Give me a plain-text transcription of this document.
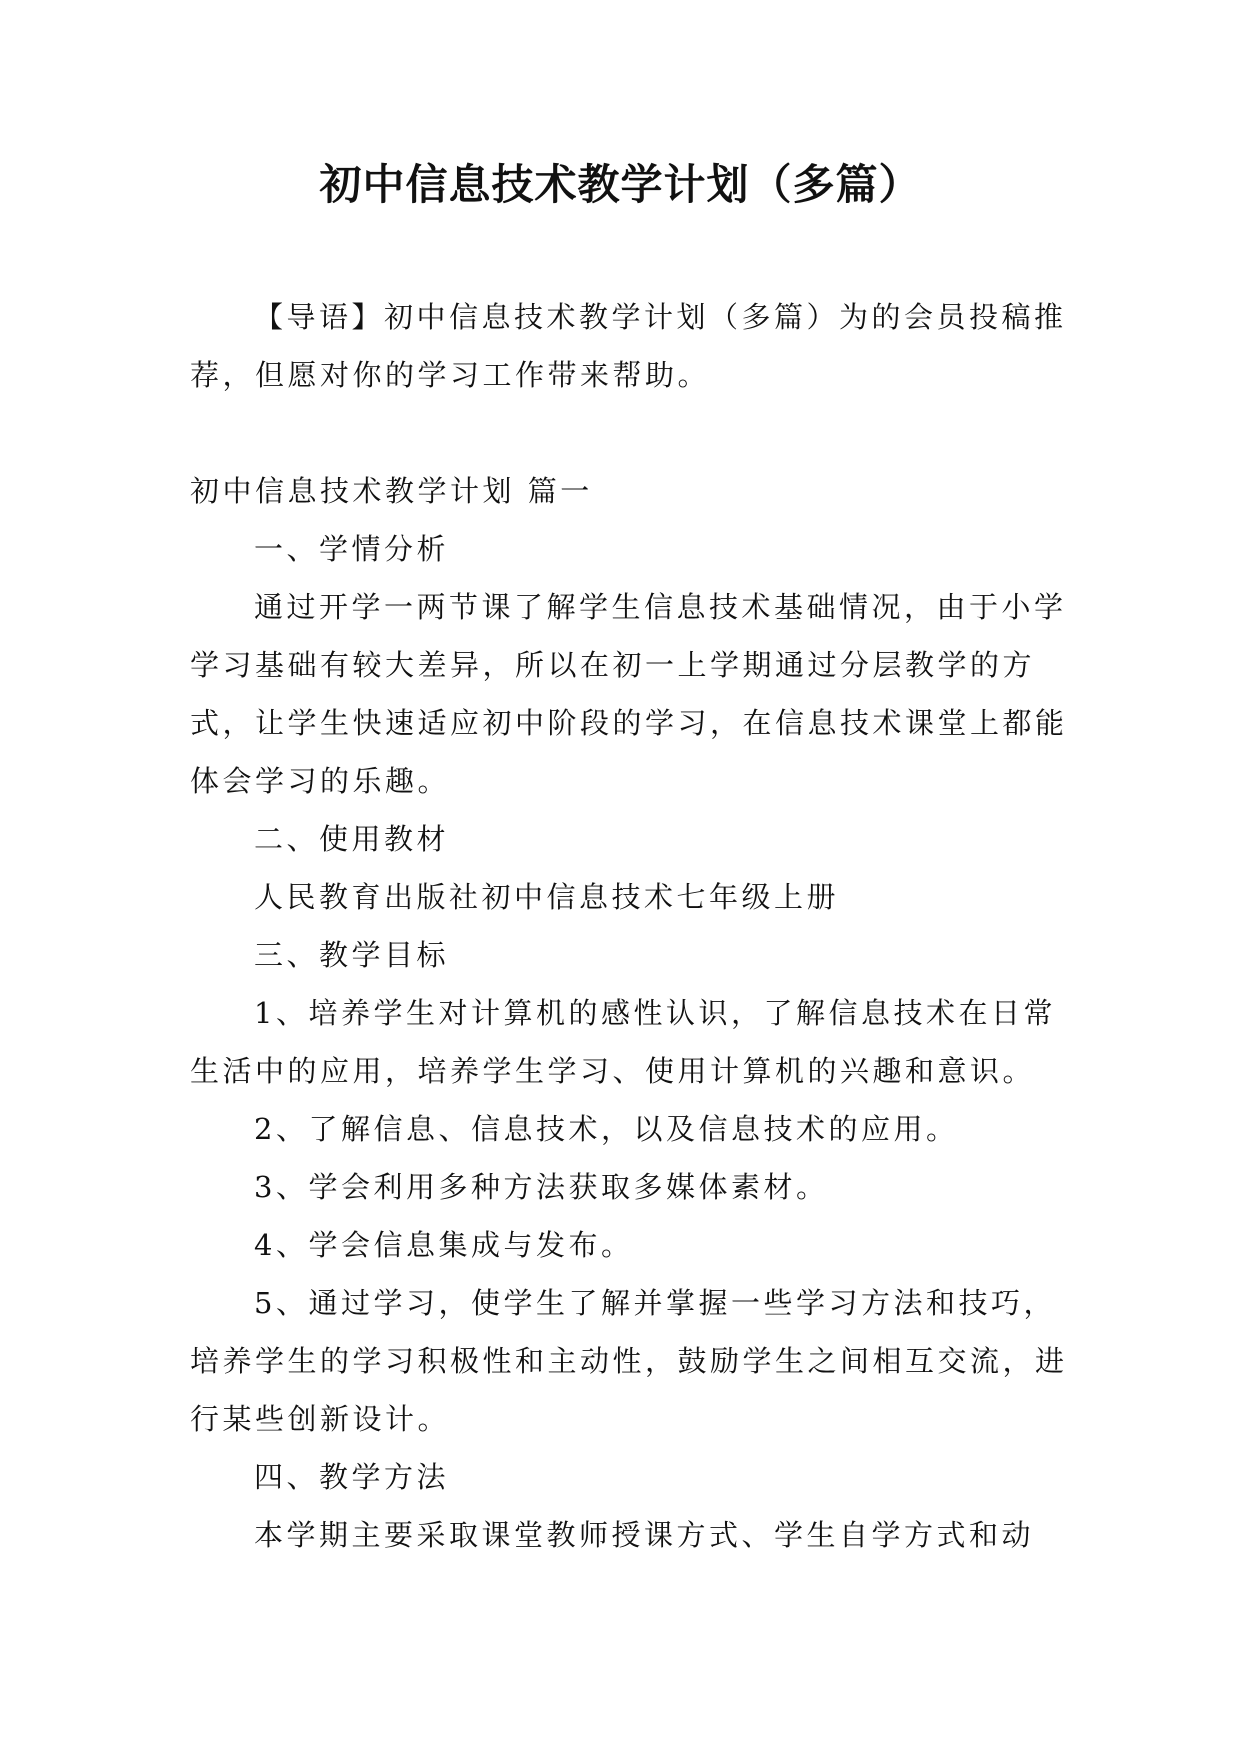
初中信息技术教学计划（多篇）

【导语】初中信息技术教学计划（多篇）为的会员投稿推荐，但愿对你的学习工作带来帮助。

初中信息技术教学计划 篇一

一、学情分析

通过开学一两节课了解学生信息技术基础情况，由于小学学习基础有较大差异，所以在初一上学期通过分层教学的方式，让学生快速适应初中阶段的学习，在信息技术课堂上都能体会学习的乐趣。

二、使用教材

人民教育出版社初中信息技术七年级上册

三、教学目标

1、培养学生对计算机的感性认识，了解信息技术在日常生活中的应用，培养学生学习、使用计算机的兴趣和意识。

2、了解信息、信息技术，以及信息技术的应用。

3、学会利用多种方法获取多媒体素材。

4、学会信息集成与发布。

5、通过学习，使学生了解并掌握一些学习方法和技巧，培养学生的学习积极性和主动性，鼓励学生之间相互交流，进行某些创新设计。

四、教学方法

本学期主要采取课堂教师授课方式、学生自学方式和动
